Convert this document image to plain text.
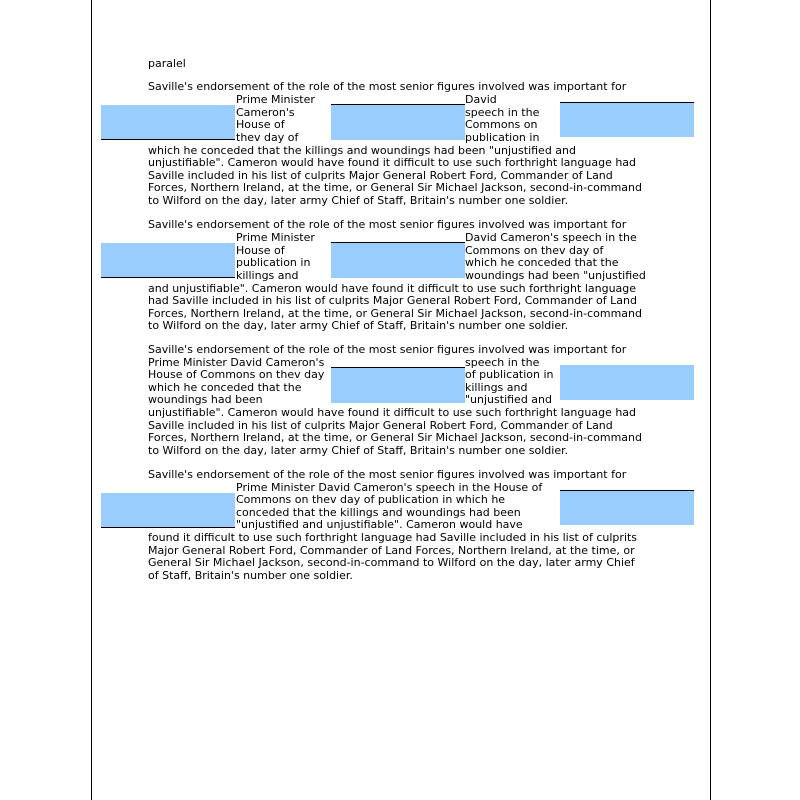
paralel
Saville's endorsement of the role of the most senior figures involved was important for
Prime Minister
Cameron's
House of
thev day of
David
speech in the
Commons on
publication in
which he conceded that the killings and woundings had been "unjustified and
unjustifiable". Cameron would have found it difficult to use such forthright language had
Saville included in his list of culprits Major General Robert Ford, Commander of Land
Forces, Northern Ireland, at the time, or General Sir Michael Jackson, second-in-command
to Wilford on the day, later army Chief of Staff, Britain's number one soldier.
Saville's endorsement of the role of the most senior figures involved was important for
Prime Minister
House of
publication in
killings and
David Cameron's speech in the
Commons on thev day of
which he conceded that the
woundings had been "unjustified
and unjustifiable". Cameron would have found it difficult to use such forthright language
had Saville included in his list of culprits Major General Robert Ford, Commander of Land
Forces, Northern Ireland, at the time, or General Sir Michael Jackson, second-in-command
to Wilford on the day, later army Chief of Staff, Britain's number one soldier.
Saville's endorsement of the role of the most senior figures involved was important for
Prime Minister David Cameron's
House of Commons on thev day
which he conceded that the
woundings had been
speech in the
of publication in
killings and
"unjustified and
unjustifiable". Cameron would have found it difficult to use such forthright language had
Saville included in his list of culprits Major General Robert Ford, Commander of Land
Forces, Northern Ireland, at the time, or General Sir Michael Jackson, second-in-command
to Wilford on the day, later army Chief of Staff, Britain's number one soldier.
Saville's endorsement of the role of the most senior figures involved was important for
Prime Minister David Cameron's speech in the House of
Commons on thev day of publication in which he
conceded that the killings and woundings had been
"unjustified and unjustifiable". Cameron would have
found it difficult to use such forthright language had Saville included in his list of culprits
Major General Robert Ford, Commander of Land Forces, Northern Ireland, at the time, or
General Sir Michael Jackson, second-in-command to Wilford on the day, later army Chief
of Staff, Britain's number one soldier.
